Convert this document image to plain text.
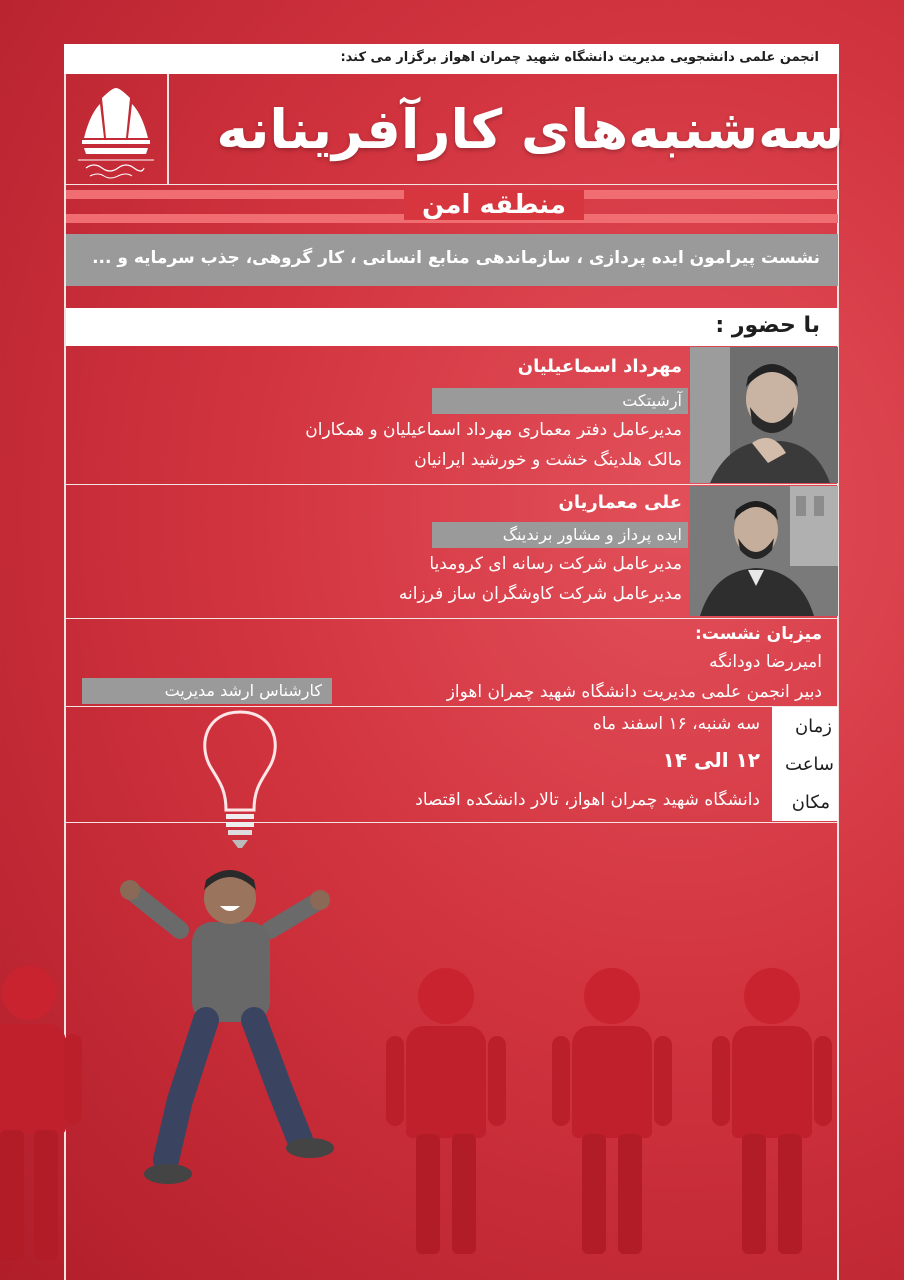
انجمن علمی دانشجویی مدیریت دانشگاه شهید چمران اهواز برگزار می کند:
سه‌شنبه‌های کارآفرینانه
منطقه امن
نشست پیرامون ایده پردازی ، سازماندهی منابع انسانی ، کار گروهی، جذب سرمایه و ...
با حضور :
مهرداد اسماعیلیان
آرشیتکت
مدیرعامل دفتر معماری مهرداد اسماعیلیان و همکاران
مالک هلدینگ خشت و خورشید ایرانیان
علی معماریان
ایده پرداز و مشاور برندینگ
مدیرعامل شرکت رسانه ای کرومدیا
مدیرعامل شرکت کاوشگران ساز فرزانه
میزبان نشست:
امیررضا دودانگه
دبیر انجمن علمی مدیریت دانشگاه شهید چمران اهواز
کارشناس ارشد مدیریت
زمان
سه شنبه، ۱۶ اسفند ماه
ساعت
۱۲ الی ۱۴
مکان
دانشگاه شهید چمران اهواز، تالار دانشکده اقتصاد
